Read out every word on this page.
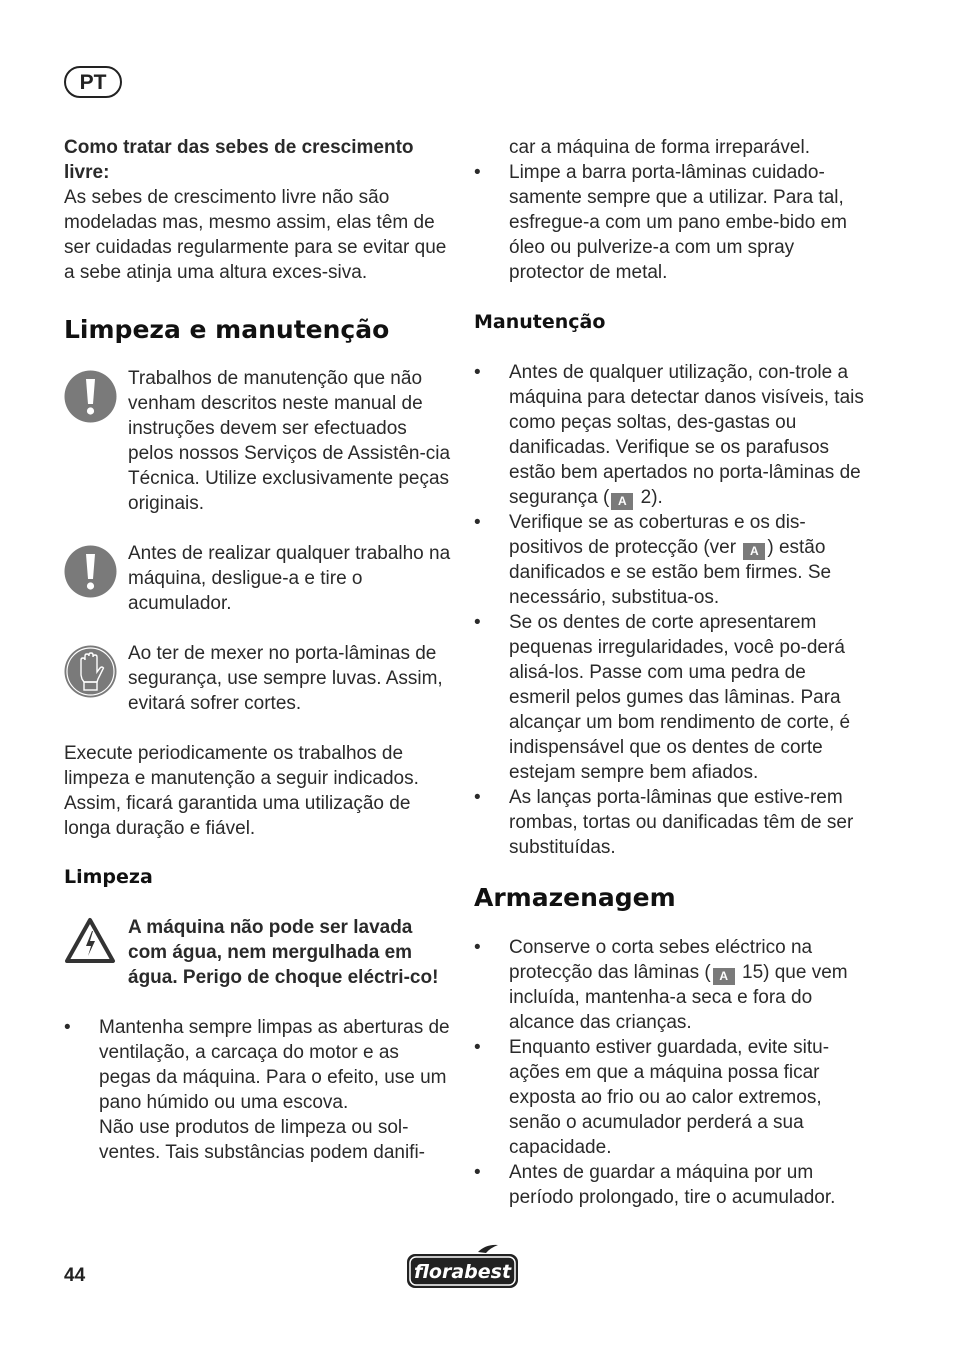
PT

Como tratar das sebes de crescimento livre:

As sebes de crescimento livre não são modeladas mas, mesmo assim, elas têm de ser cuidadas regularmente para se evitar que a sebe atinja uma altura exces-siva.

Limpeza e manutenção
Trabalhos de manutenção que não venham descritos neste manual de instruções devem ser efectuados pelos nossos Serviços de Assistên-cia Técnica. Utilize exclusivamente peças originais.
Antes de realizar qualquer trabalho na máquina, desligue-a e tire o acumulador.
Ao ter de mexer no porta-lâminas de segurança, use sempre luvas. Assim, evitará sofrer cortes.

Execute periodicamente os trabalhos de limpeza e manutenção a seguir indicados. Assim, ficará garantida uma utilização de longa duração e fiável.

Limpeza
A máquina não pode ser lavada com água, nem mergulhada em água. Perigo de choque eléctri-co!
• Mantenha sempre limpas as aberturas de ventilação, a carcaça do motor e as pegas da máquina. Para o efeito, use um pano húmido ou uma escova.
Não use produtos de limpeza ou sol-ventes. Tais substâncias podem danifi-

car a máquina de forma irreparável.

• Limpe a barra porta-lâminas cuidado-samente sempre que a utilizar. Para tal, esfregue-a com um pano embe-bido em óleo ou pulverize-a com um spray protector de metal.
Manutenção
• Antes de qualquer utilização, con-trole a máquina para detectar danos visíveis, tais como peças soltas, des-gastas ou danificadas. Verifique se os parafusos estão bem apertados no porta-lâminas de segurança ( A 2).
• Verifique se as coberturas e os dis-positivos de protecção (ver A ) estão danificados e se estão bem firmes. Se necessário, substitua-os.
• Se os dentes de corte apresentarem pequenas irregularidades, você po-derá alisá-los. Passe com uma pedra de esmeril pelos gumes das lâminas. Para alcançar um bom rendimento de corte, é indispensável que os dentes de corte estejam sempre bem afiados.
• As lanças porta-lâminas que estive-rem rombas, tortas ou danificadas têm de ser substituídas.
Armazenagem
• Conserve o corta sebes eléctrico na protecção das lâminas ( A 15) que vem incluída, mantenha-a seca e fora do alcance das crianças.
• Enquanto estiver guardada, evite situ-ações em que a máquina possa ficar exposta ao frio ou ao calor extremos, senão o acumulador perderá a sua capacidade.
• Antes de guardar a máquina por um período prolongado, tire o acumulador.
44	florabest
